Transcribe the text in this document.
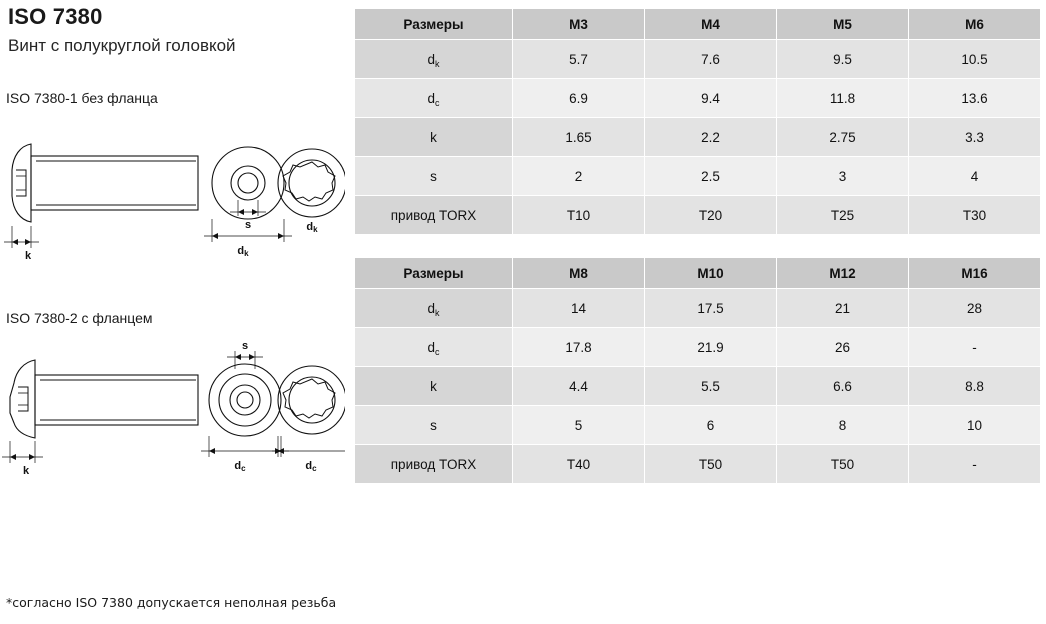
ISO 7380
Винт с полукруглой головкой
ISO 7380-1 без фланца
k
s
dk
dk
ISO 7380-2 с фланцем
k
s
dc	dc
*согласно ISO 7380 допускается неполная резьба
Размеры	M3	M4	M5	M6
$d_k$	5.7	7.6	9.5	10.5
$d_c$	6.9	9.4	11.8	13.6
k	1.65	2.2	2.75	3.3
s	2	2.5	3	4
привод TORX	T10	T20	T25	T30
Размеры	M8	M10	M12	M16
$d_k$	14	17.5	21	28
$d_c$	17.8	21.9	26	-
k	4.4	5.5	6.6	8.8
s	5	6	8	10
привод TORX	T40	T50	T50	-
